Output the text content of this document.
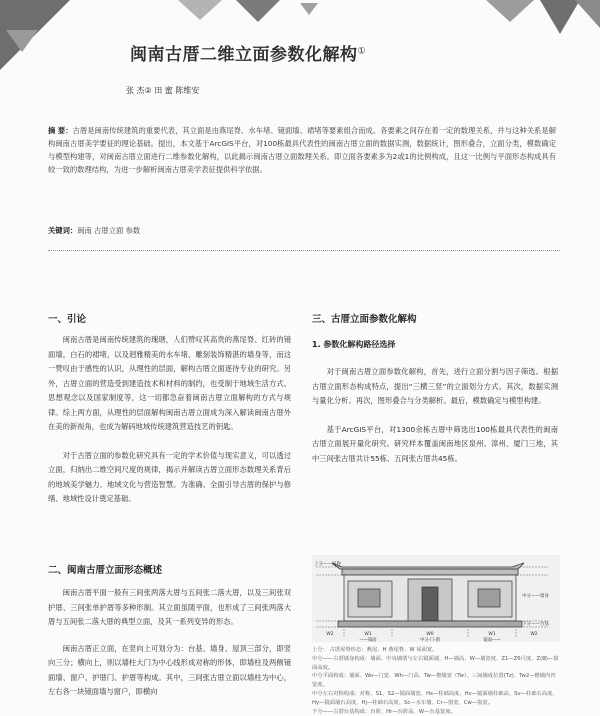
闽南古厝二维立面参数化解构①
张 杰② 田 蜜 陈维安
摘 要：古厝是闽南传统建筑的重要代表，其立面是由燕尾脊、水车堵、镜面墙、裙堵等要素组合而成。各要素之间存在着一定的数理关系，并与这种关系是解构闽南古厝美学要征的理论基础。提出，本文基于ArcGIS平台，对100栋最具代表性的闽南古厝立面的数据实测，数据统计，图形叠合，立面分类，模数确定与模型构建等，对闽南古厝立面进行二维参数化解构，以此揭示闽南古厝立面数理关系。即立面各要素多为2或1的比例构成，且这一比例与平面形态构成具有较一致的数理结构，为进一步解析闽南古厝美学表征提供科学依据。
关键词：闽南 古厝立面 参数
一、引论

闽南古厝是闽南传统建筑的瑰瑭，人们赞叹其高贵的燕尾脊、红砖的镜面墙，白石的裙堵，以及迥雅精美的水车堵、雕刻装饰精湛的墙身等，而这一赞叹由于感性的认识，从理性的层面，解构古厝立面逐待专业的研究。另外，古厝立面的营造受到建造技术和材料的制约，也受制于地域生活方式、思想观念以及国家制度等，这一切都急奋着闽南古厝立面解构的方式与规律。综上两方面，从理性的层面解构闽南古厝立面成为深入解读闽南古厝外在美的新视角，也成为解码地域传统建筑营造技艺的钥匙。

对于古厝立面的参数化研究具有一定的学术价值与现实意义，可以透过立面，归纳出二维空间尺度的规律，揭示并解读古厝立面形态数理关系背后的地域美学魅力、地域文化与营造智慧。为准确、全面引导古厝的保护与修缮、地域性设计奠定基础。

二、闽南古厝立面形态概述

闽南古厝平面一般有三间张两落大厝与五间张二落大厝，以及三间张双护厝、三间张单护厝等多种形制。其立面虽随平面，也形成了三间张两落大厝与五间张二落大厝的典型立面，及其一系列变异的形态。

闽南古厝正立面，在竖向上可划分为：台基、墙身、屋顶三部分，即竖向三分；横向上，则以墙柱大门为中心线形成对称的形体，即墙柱及两侧镜面墙、窗户、护厝门、护厝等构成。其中，三间张古厝立面以墙柱为中心，左右各一块镜面墙与窗户，即横向

三、古厝立面参数化解构
1. 参数化解构路径选择

对于闽南古厝立面参数化解构，首先，进行立面分割与因子筛选。根据古厝立面形态构成特点，提出“三横三竖”的立面划分方式。其次，数据实测与量化分析。再次，图形叠合与分类解析。最后，模数确定与模型构建。

基于ArcGIS平台，对1300余栋古厝中筛选出100栋最具代表性的闽南古厝立面展开量化研究。研究样本覆盖闽南地区泉州、漳州、厦门三地，其中三间张古厝共计55栋、五间张古厝共45栋。

上分——屋脊
中分——墙身
下分——台基
W2	W1	W0	W1	W2
——镜面	中分·门·窗	镜面——
上分： 古厝屋脊形态：燕尾、H 燕尾脊、W 屋面宽。
中分——古厝墙身构成：墙面、中央墙堵与左右镜面墙，H—墙高、W—墙宽度、Z1—Z6尺度、Z(Ⅲ)—窗面高度。
中分平面构成：墙面、Wo—门宽、Wh—门高、Tw—檐墙宽（Tw）、三间墙成位置(Tz)、Tw2—檐墙内凹宽度。
中分左右对称构成：对称、S1、S2—镜面墙宽、Hs—柱础高度、Hv—镜面墙柱础高、Sv—柱础石高度、Hy—镜面墙石高度、Hj—柱础石高度、Sc—水车墙、Cr—窗宽、Cw—窗宽。
下分——古厝台基构成：台阶、Hr—台阶高、W—台基宽度。
